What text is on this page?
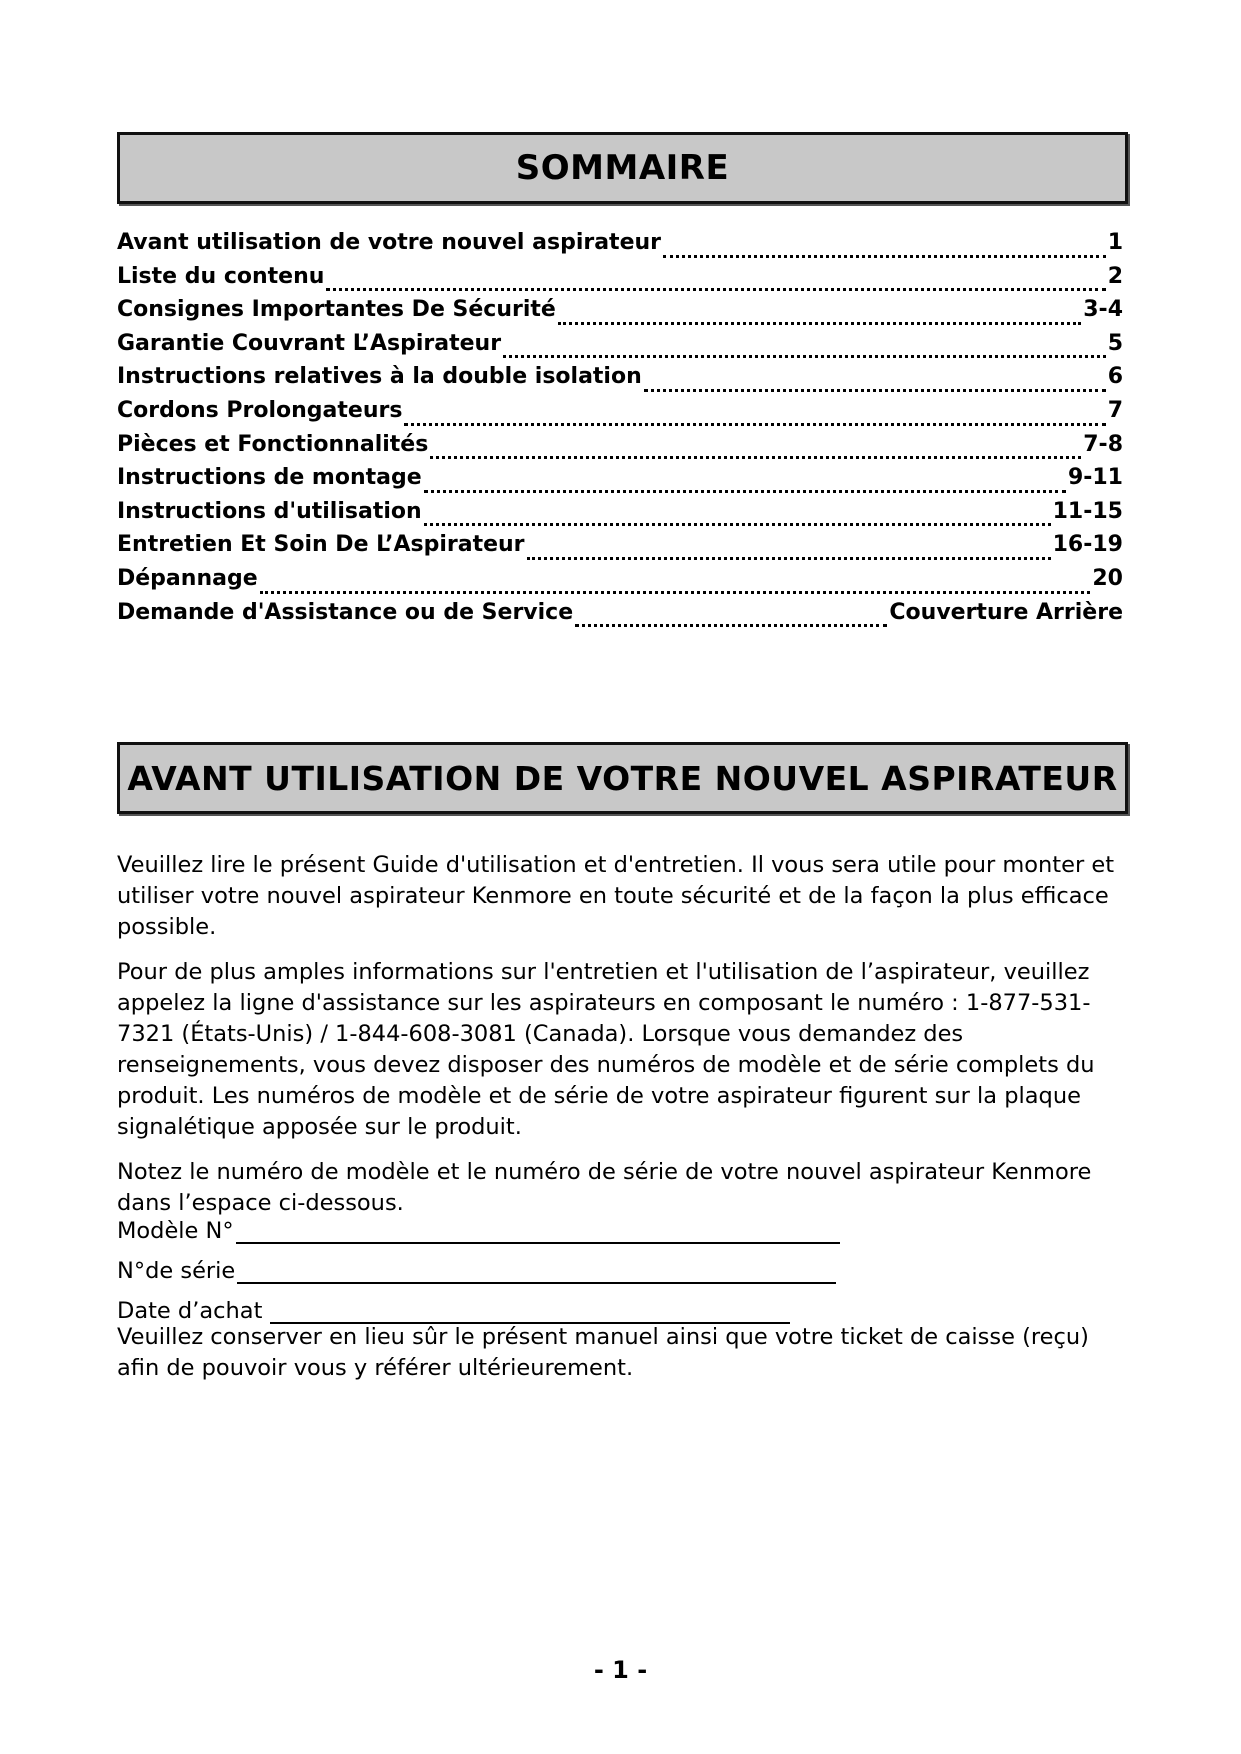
SOMMAIRE
Avant utilisation de votre nouvel aspirateur	1
Liste du contenu	2
Consignes Importantes De Sécurité	3-4
Garantie Couvrant L’Aspirateur	5
Instructions relatives à la double isolation	6
Cordons Prolongateurs	7
Pièces et Fonctionnalités	7-8
Instructions de montage	9-11
Instructions d'utilisation	11-15
Entretien Et Soin De L’Aspirateur	16-19
Dépannage	20
Demande d'Assistance ou de Service	Couverture Arrière
AVANT UTILISATION DE VOTRE NOUVEL ASPIRATEUR

Veuillez lire le présent Guide d'utilisation et d'entretien. Il vous sera utile pour monter et utiliser votre nouvel aspirateur Kenmore en toute sécurité et de la façon la plus efficace possible.

Pour de plus amples informations sur l'entretien et l'utilisation de l’aspirateur, veuillez appelez la ligne d'assistance sur les aspirateurs en composant le numéro : 1-877-531-7321 (États-Unis) / 1-844-608-3081 (Canada). Lorsque vous demandez des renseignements, vous devez disposer des numéros de modèle et de série complets du produit. Les numéros de modèle et de série de votre aspirateur figurent sur la plaque signalétique apposée sur le produit.

Notez le numéro de modèle et le numéro de série de votre nouvel aspirateur Kenmore dans l’espace ci-dessous.

Modèle N°
N°de série
Date d’achat

Veuillez conserver en lieu sûr le présent manuel ainsi que votre ticket de caisse (reçu) afin de pouvoir vous y référer ultérieurement.

- 1 -
